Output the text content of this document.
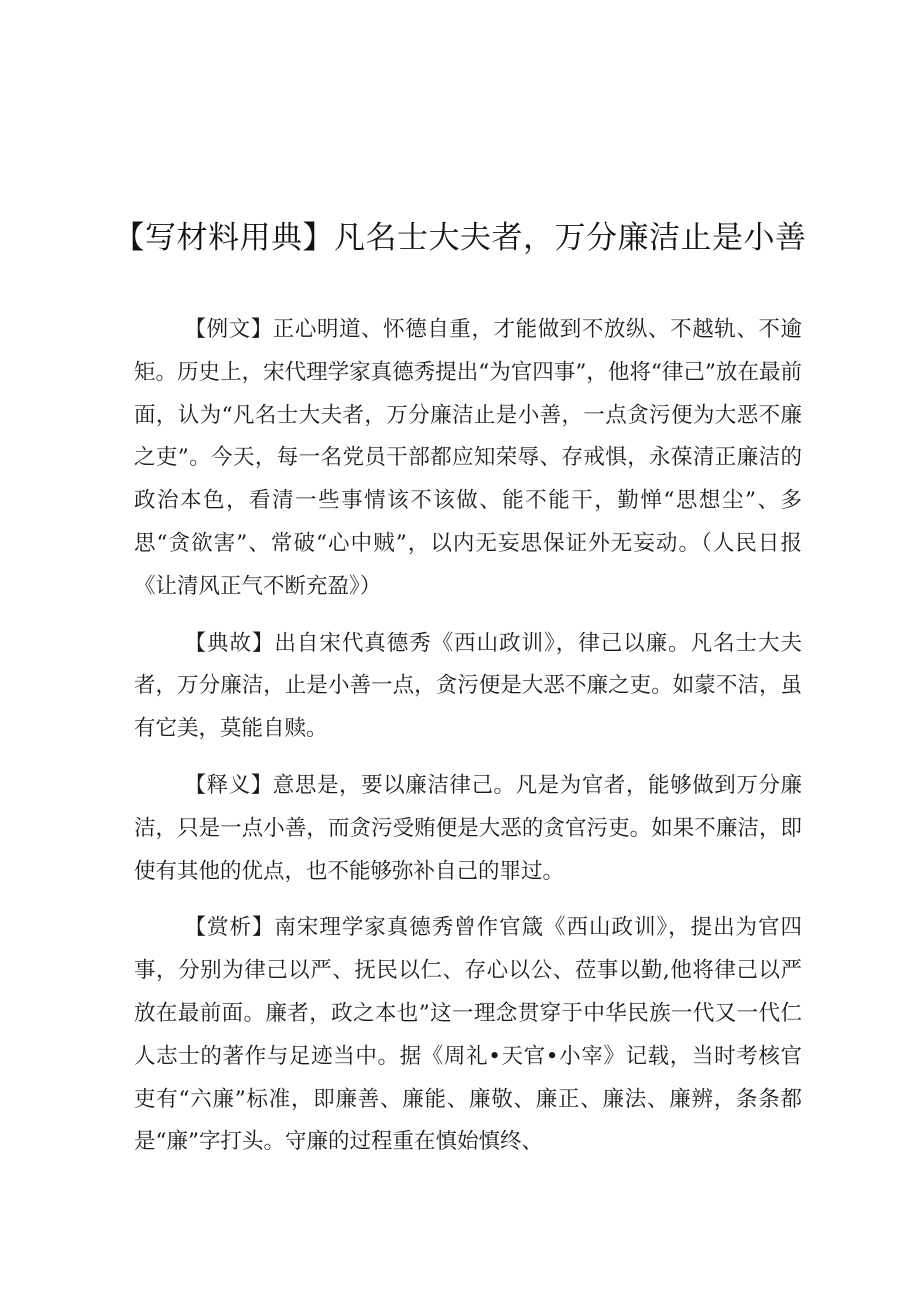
【写材料用典】凡名士大夫者，万分廉洁止是小善

【例文】正心明道、怀德自重，才能做到不放纵、不越轨、不逾矩。历史上，宋代理学家真德秀提出“为官四事”，他将“律己”放在最前面，认为“凡名士大夫者，万分廉洁止是小善，一点贪污便为大恶不廉之吏”。今天，每一名党员干部都应知荣辱、存戒惧，永葆清正廉洁的政治本色，看清一些事情该不该做、能不能干，勤惮“思想尘”、多思“贪欲害”、常破“心中贼”，以内无妄思保证外无妄动。（人民日报《让清风正气不断充盈》）

【典故】出自宋代真德秀《西山政训》，律己以廉。凡名士大夫者，万分廉洁，止是小善一点，贪污便是大恶不廉之吏。如蒙不洁，虽有它美，莫能自赎。

【释义】意思是，要以廉洁律己。凡是为官者，能够做到万分廉洁，只是一点小善，而贪污受贿便是大恶的贪官污吏。如果不廉洁，即使有其他的优点，也不能够弥补自己的罪过。

【赏析】南宋理学家真德秀曾作官箴《西山政训》，提出为官四事，分别为律己以严、抚民以仁、存心以公、莅事以勤,他将律己以严放在最前面。廉者，政之本也”这一理念贯穿于中华民族一代又一代仁人志士的著作与足迹当中。据《周礼•天官•小宰》记载，当时考核官吏有“六廉”标准，即廉善、廉能、廉敬、廉正、廉法、廉辨，条条都是“廉”字打头。守廉的过程重在慎始慎终、
